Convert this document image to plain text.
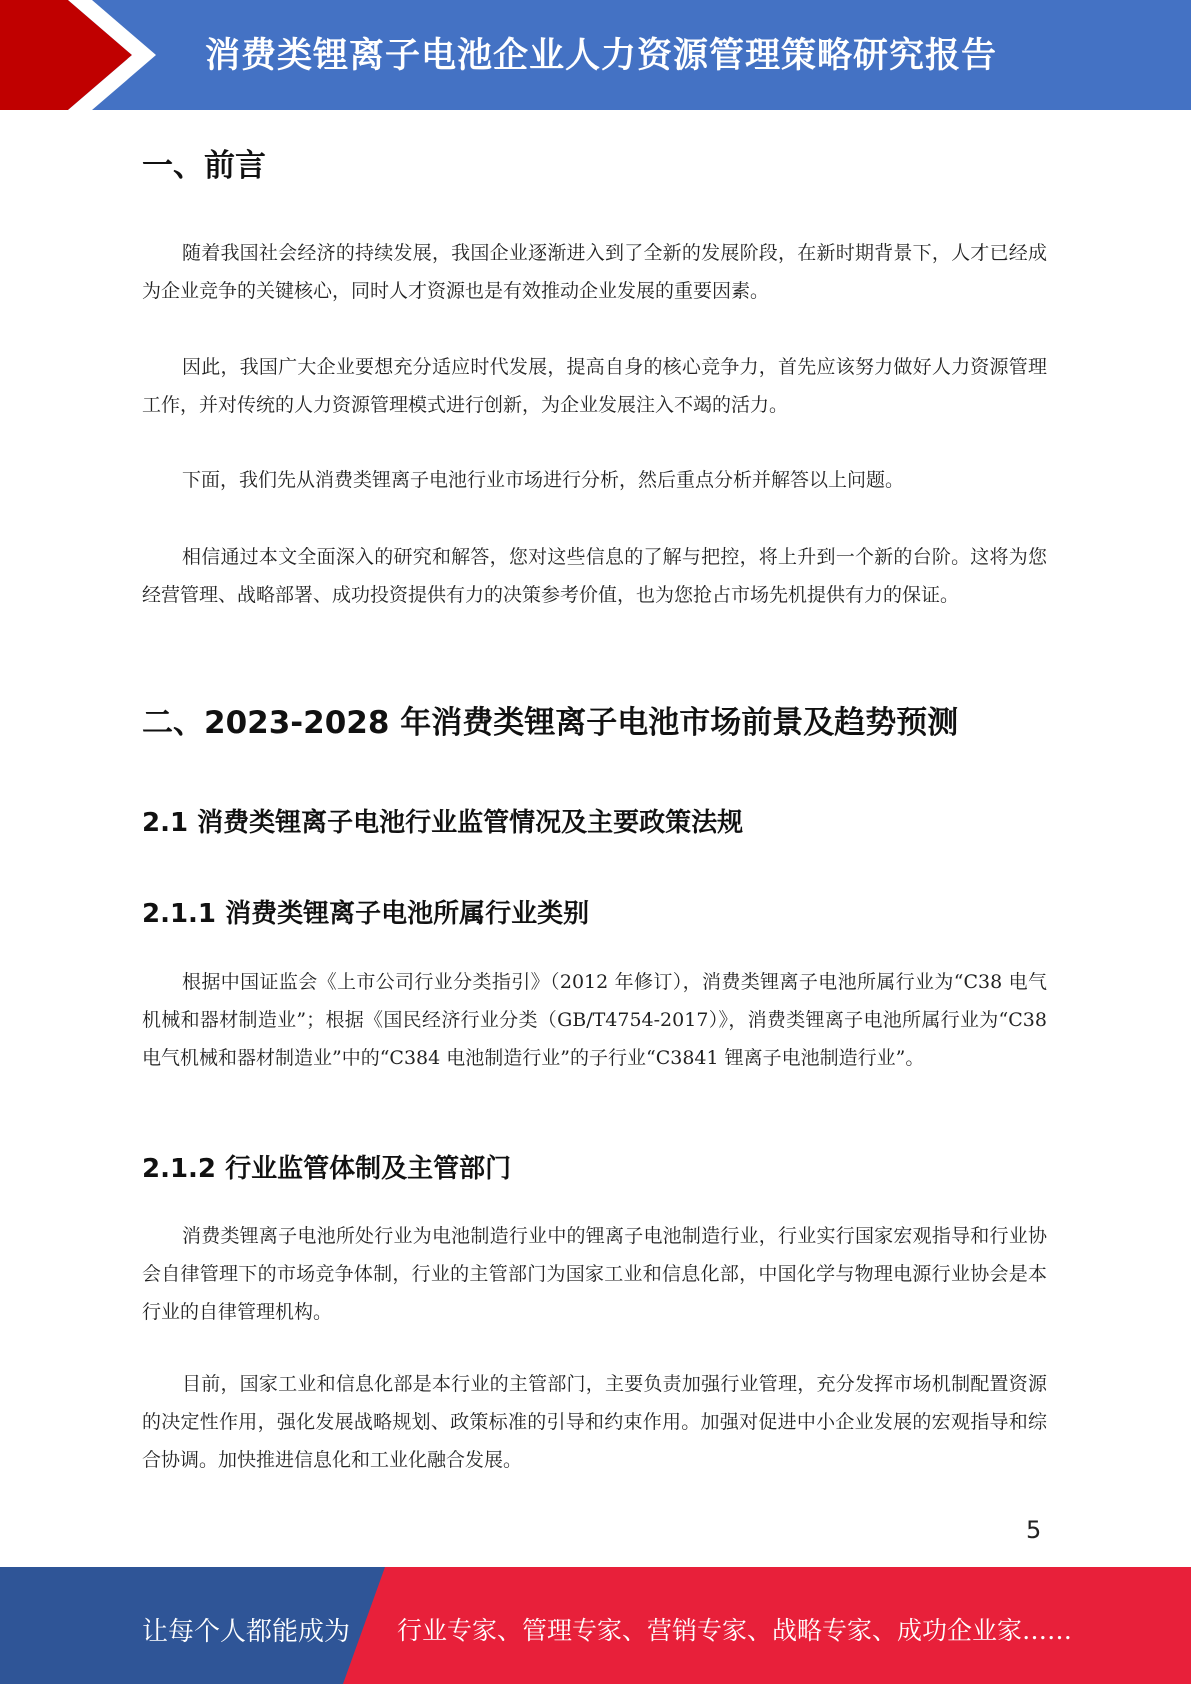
消费类锂离子电池企业人力资源管理策略研究报告
一、前言

随着我国社会经济的持续发展，我国企业逐渐进入到了全新的发展阶段，在新时期背景下，人才已经成为企业竞争的关键核心，同时人才资源也是有效推动企业发展的重要因素。

因此，我国广大企业要想充分适应时代发展，提高自身的核心竞争力，首先应该努力做好人力资源管理工作，并对传统的人力资源管理模式进行创新，为企业发展注入不竭的活力。

下面，我们先从消费类锂离子电池行业市场进行分析，然后重点分析并解答以上问题。

相信通过本文全面深入的研究和解答，您对这些信息的了解与把控，将上升到一个新的台阶。这将为您经营管理、战略部署、成功投资提供有力的决策参考价值，也为您抢占市场先机提供有力的保证。

二、2023-2028 年消费类锂离子电池市场前景及趋势预测
2.1 消费类锂离子电池行业监管情况及主要政策法规
2.1.1 消费类锂离子电池所属行业类别

根据中国证监会《上市公司行业分类指引》（2012 年修订），消费类锂离子电池所属行业为“C38 电气机械和器材制造业”；根据《国民经济行业分类（GB/T4754-2017）》，消费类锂离子电池所属行业为“C38 电气机械和器材制造业”中的“C384 电池制造行业”的子行业“C3841 锂离子电池制造行业”。

2.1.2 行业监管体制及主管部门

消费类锂离子电池所处行业为电池制造行业中的锂离子电池制造行业，行业实行国家宏观指导和行业协会自律管理下的市场竞争体制，行业的主管部门为国家工业和信息化部，中国化学与物理电源行业协会是本行业的自律管理机构。

目前，国家工业和信息化部是本行业的主管部门，主要负责加强行业管理，充分发挥市场机制配置资源的决定性作用，强化发展战略规划、政策标准的引导和约束作用。加强对促进中小企业发展的宏观指导和综合协调。加快推进信息化和工业化融合发展。

5
让每个人都能成为 行业专家、管理专家、营销专家、战略专家、成功企业家……
